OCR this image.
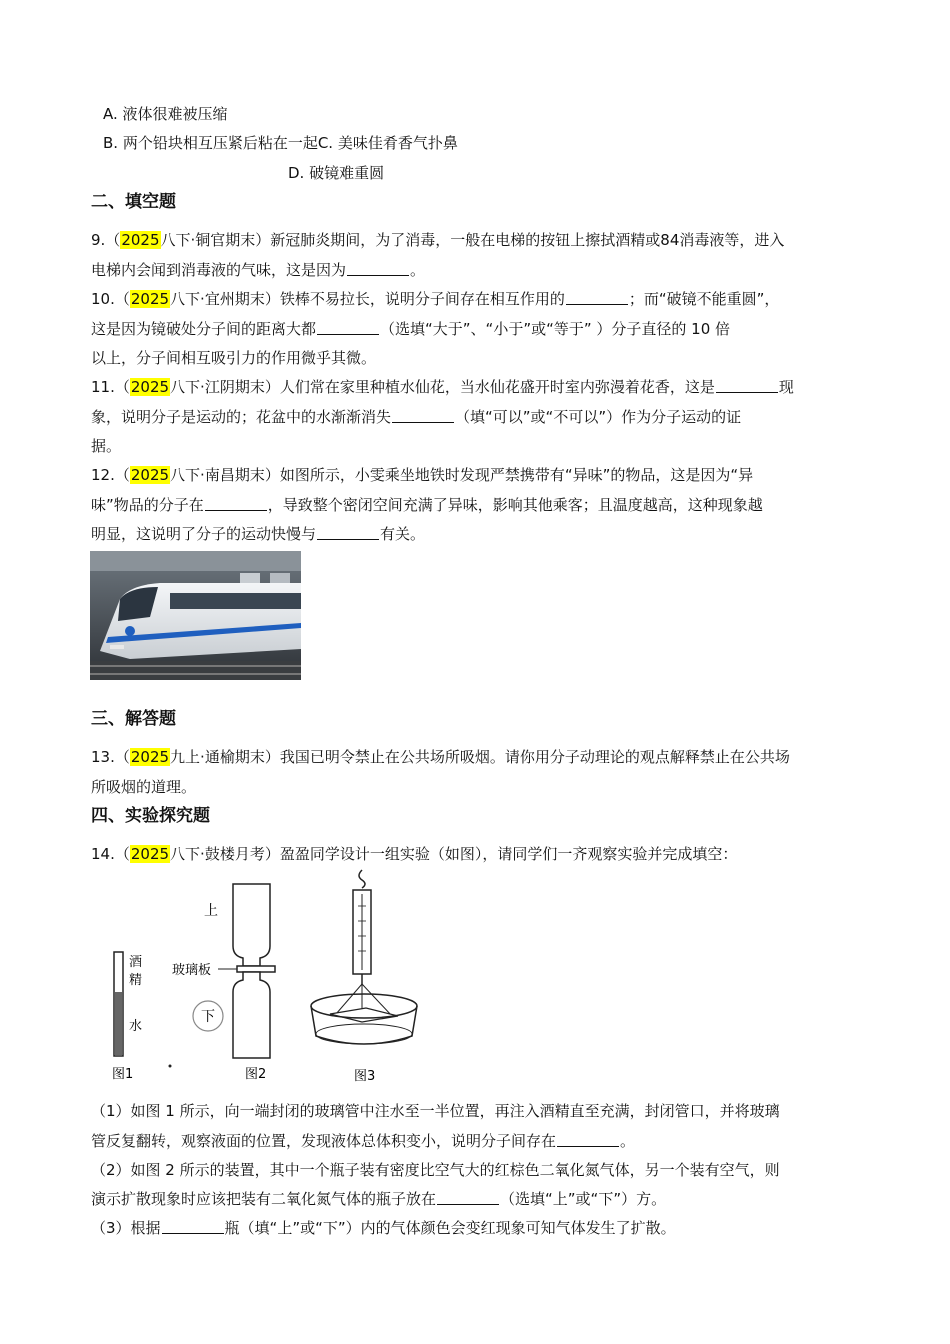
A. 液体很难被压缩
B. 两个铅块相互压紧后粘在一起C. 美味佳肴香气扑鼻
D. 破镜难重圆
二、填空题
9.（2025八下·铜官期末）新冠肺炎期间，为了消毒，一般在电梯的按钮上擦拭酒精或84消毒液等，进入
电梯内会闻到消毒液的气味，这是因为	。
10.（2025八下·宜州期末）铁棒不易拉长，说明分子间存在相互作用的	；而“破镜不能重圆”，
这是因为镜破处分子间的距离大都	（选填“大于”、“小于”或“等于” ）分子直径的 10 倍
以上，分子间相互吸引力的作用微乎其微。
11.（2025八下·江阴期末）人们常在家里种植水仙花，当水仙花盛开时室内弥漫着花香，这是	现
象，说明分子是运动的；花盆中的水渐渐消失	（填“可以”或“不可以”）作为分子运动的证
据。
12.（2025八下·南昌期末）如图所示，小雯乘坐地铁时发现严禁携带有“异味”的物品，这是因为“异
味”物品的分子在	，导致整个密闭空间充满了异味，影响其他乘客；且温度越高，这种现象越
明显，这说明了分子的运动快慢与	有关。
三、解答题
13.（2025九上·通榆期末）我国已明令禁止在公共场所吸烟。请你用分子动理论的观点解释禁止在公共场
所吸烟的道理。
四、实验探究题
14.（2025八下·鼓楼月考）盈盈同学设计一组实验（如图），请同学们一齐观察实验并完成填空：
酒
精
水
图1
上
玻璃板
下
图2	图3
（1）如图 1 所示，向一端封闭的玻璃管中注水至一半位置，再注入酒精直至充满，封闭管口，并将玻璃
管反复翻转，观察液面的位置，发现液体总体积变小，说明分子间存在	。
（2）如图 2 所示的装置，其中一个瓶子装有密度比空气大的红棕色二氧化氮气体，另一个装有空气，则
演示扩散现象时应该把装有二氧化氮气体的瓶子放在	（选填“上”或“下”）方。
（3）根据	瓶（填“上”或“下”）内的气体颜色会变红现象可知气体发生了扩散。
